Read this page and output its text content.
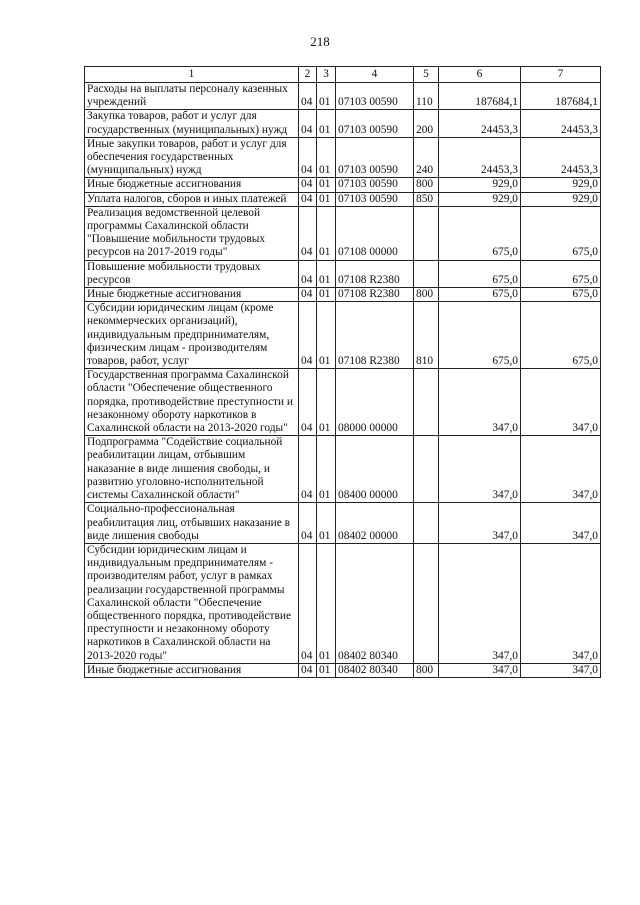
218
1	2	3	4	5	6	7
Расходы на выплаты персоналу казенных учреждений	04	01	07103 00590	110	187684,1	187684,1
Закупка товаров, работ и услуг для государственных (муниципальных) нужд	04	01	07103 00590	200	24453,3	24453,3
Иные закупки товаров, работ и услуг для обеспечения государственных (муниципальных) нужд	04	01	07103 00590	240	24453,3	24453,3
Иные бюджетные ассигнования	04	01	07103 00590	800	929,0	929,0
Уплата налогов, сборов и иных платежей	04	01	07103 00590	850	929,0	929,0
Реализация ведомственной целевой программы Сахалинской области "Повышение мобильности трудовых ресурсов на 2017-2019 годы"	04	01	07108 00000		675,0	675,0
Повышение мобильности трудовых ресурсов	04	01	07108 R2380		675,0	675,0
Иные бюджетные ассигнования	04	01	07108 R2380	800	675,0	675,0
Субсидии юридическим лицам (кроме некоммерческих организаций), индивидуальным предпринимателям, физическим лицам - производителям товаров, работ, услуг	04	01	07108 R2380	810	675,0	675,0
Государственная программа Сахалинской области "Обеспечение общественного порядка, противодействие преступности и незаконному обороту наркотиков в Сахалинской области на 2013-2020 годы"	04	01	08000 00000		347,0	347,0
Подпрограмма "Содействие социальной реабилитации лицам, отбывшим наказание в виде лишения свободы, и развитию уголовно-исполнительной системы Сахалинской области"	04	01	08400 00000		347,0	347,0
Социально-профессиональная реабилитация лиц, отбывших наказание в виде лишения свободы	04	01	08402 00000		347,0	347,0
Субсидии юридическим лицам и индивидуальным предпринимателям - производителям работ, услуг в рамках реализации государственной программы Сахалинской области "Обеспечение общественного порядка, противодействие преступности и незаконному обороту наркотиков в Сахалинской области на 2013-2020 годы"	04	01	08402 80340		347,0	347,0
Иные бюджетные ассигнования	04	01	08402 80340	800	347,0	347,0
